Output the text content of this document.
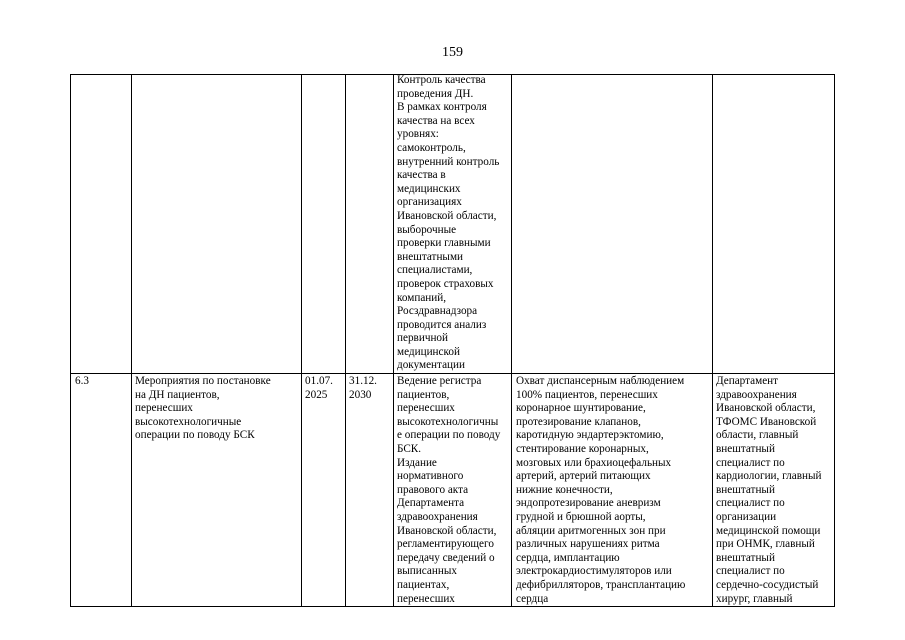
159
Контроль качества
проведения ДН.
В рамках контроля
качества на всех
уровнях:
самоконтроль,
внутренний контроль
качества в
медицинских
организациях
Ивановской области,
выборочные
проверки главными
внештатными
специалистами,
проверок страховых
компаний,
Росздравнадзора
проводится анализ
первичной
медицинской
документации
6.3	Мероприятия по постановке
на ДН пациентов,
перенесших
высокотехнологичные
операции по поводу БСК
01.07.
2025
31.12.
2030
Ведение регистра
пациентов,
перенесших
высокотехнологичны
е операции по поводу
БСК.
Издание
нормативного
правового акта
Департамента
здравоохранения
Ивановской области,
регламентирующего
передачу сведений о
выписанных
пациентах,
перенесших
Охват диспансерным наблюдением
100% пациентов, перенесших
коронарное шунтирование,
протезирование клапанов,
каротидную эндартерэктомию,
стентирование коронарных,
мозговых или брахиоцефальных
артерий, артерий питающих
нижние конечности,
эндопротезирование аневризм
грудной и брюшной аорты,
абляции аритмогенных зон при
различных нарушениях ритма
сердца, имплантацию
электрокардиостимуляторов или
дефибрилляторов, трансплантацию
сердца
Департамент
здравоохранения
Ивановской области,
ТФОМС Ивановской
области, главный
внештатный
специалист по
кардиологии, главный
внештатный
специалист по
организации
медицинской помощи
при ОНМК, главный
внештатный
специалист по
сердечно-сосудистый
хирург, главный
